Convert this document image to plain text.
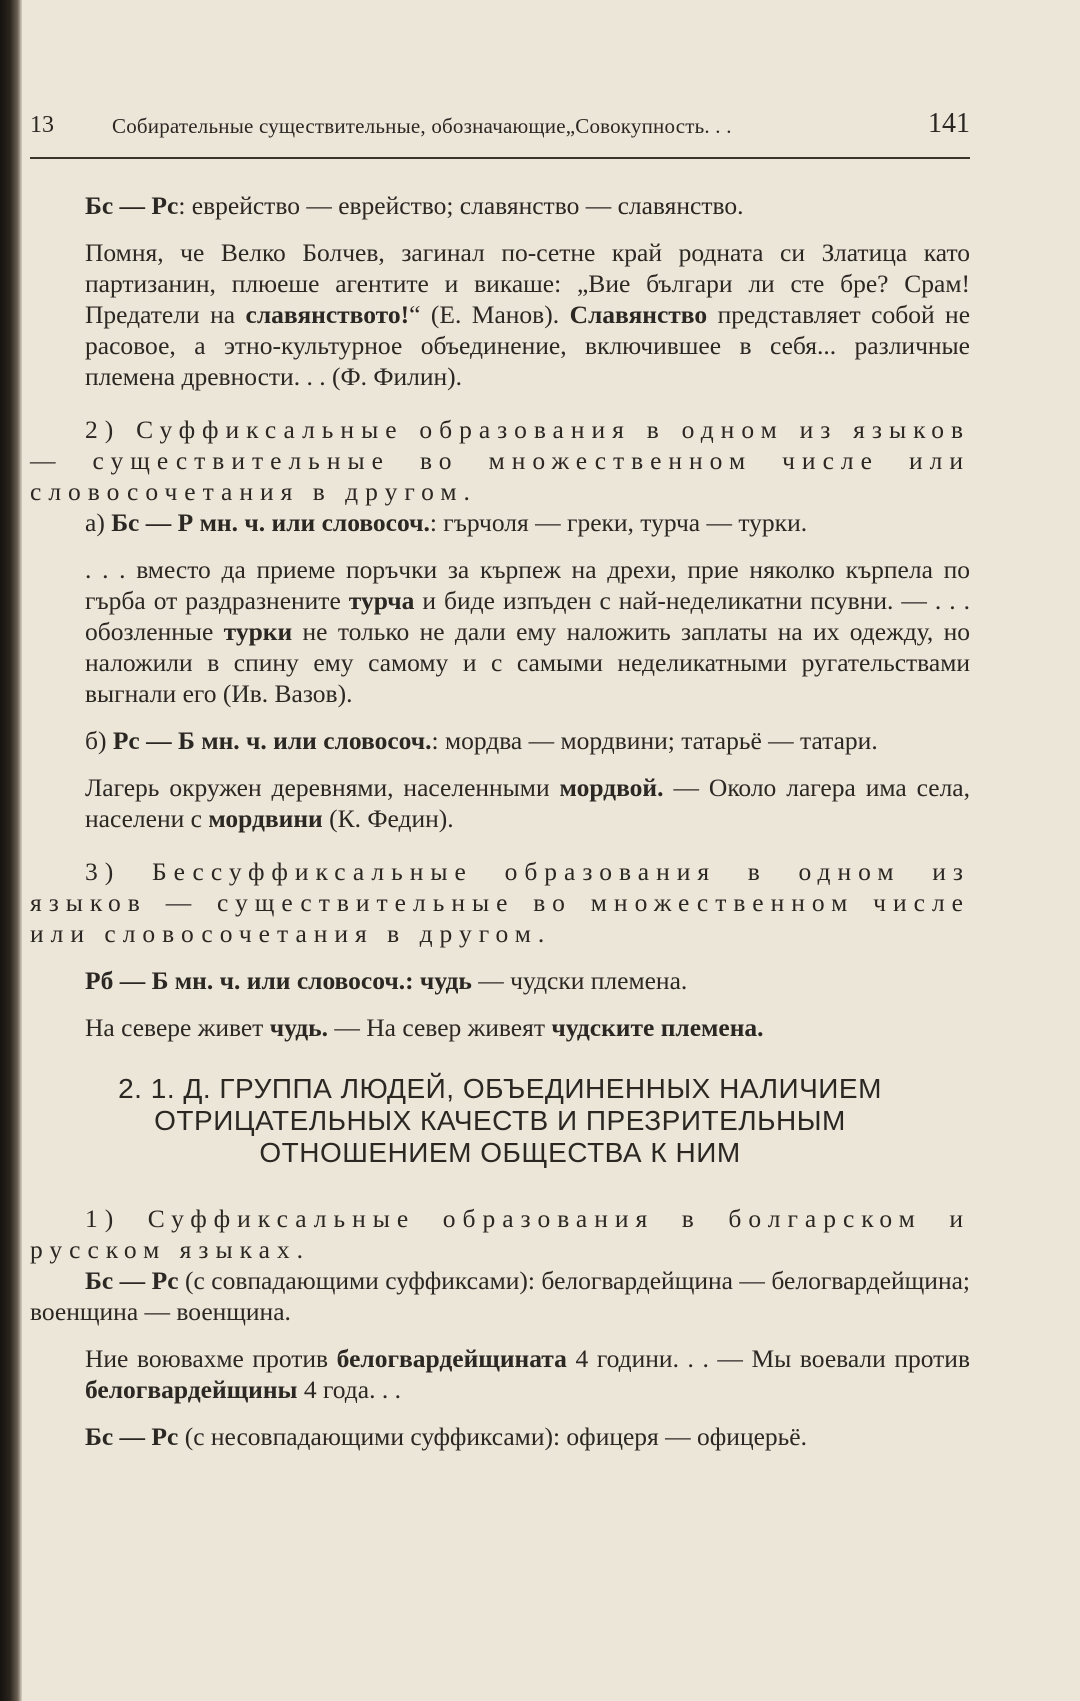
13	Собирательные существительные, обозначающие„Совокупность. . .	141

Бс — Рс: еврейство — еврейство; славянство — славянство.

Помня, че Велко Болчев, загинал по-сетне край родната си Златица като партизанин, плюеше агентите и викаше: „Вие българи ли сте бре? Срам! Предатели на славянството!“ (Е. Манов). Славянство представляет собой не расовое, а этно-культурное объединение, включившее в себя... различные племена древности. . . (Ф. Филин).

2) Суффиксальные образования в одном из языков — существительные во множественном числе или словосочетания в другом.

а) Бс — Р мн. ч. или словосоч.: гърчоля — греки, турча — турки.

. . . вместо да приеме поръчки за кърпеж на дрехи, прие няколко кърпела по гърба от раздразнените турча и биде изпъден с най-неделикатни псувни. — . . . обозленные турки не только не дали ему наложить заплаты на их одежду, но наложили в спину ему самому и с самыми неделикатными ругательствами выгнали его (Ив. Вазов).

б) Рс — Б мн. ч. или словосоч.: мордва — мордвини; татарьё — татари.

Лагерь окружен деревнями, населенными мордвой. — Около лагера има села, населени с мордвини (К. Федин).

3) Бессуффиксальные образования в одном из языков — существительные во множественном числе или словосочетания в другом.

Рб — Б мн. ч. или словосоч.: чудь — чудски племена.

На севере живет чудь. — На север живеят чудските племена.

2. 1. Д. ГРУППА ЛЮДЕЙ, ОБЪЕДИНЕННЫХ НАЛИЧИЕМ
ОТРИЦАТЕЛЬНЫХ КАЧЕСТВ И ПРЕЗРИТЕЛЬНЫМ
ОТНОШЕНИЕМ ОБЩЕСТВА К НИМ

1) Суффиксальные образования в болгарском и русском языках.

Бс — Рс (с совпадающими суффиксами): белогвардейщина — белогвардейщина; военщина — военщина.

Ние воювахме против белогвардейщината 4 години. . . — Мы воевали против белогвардейщины 4 года. . .

Бс — Рс (с несовпадающими суффиксами): офицеря — офицерьё.
